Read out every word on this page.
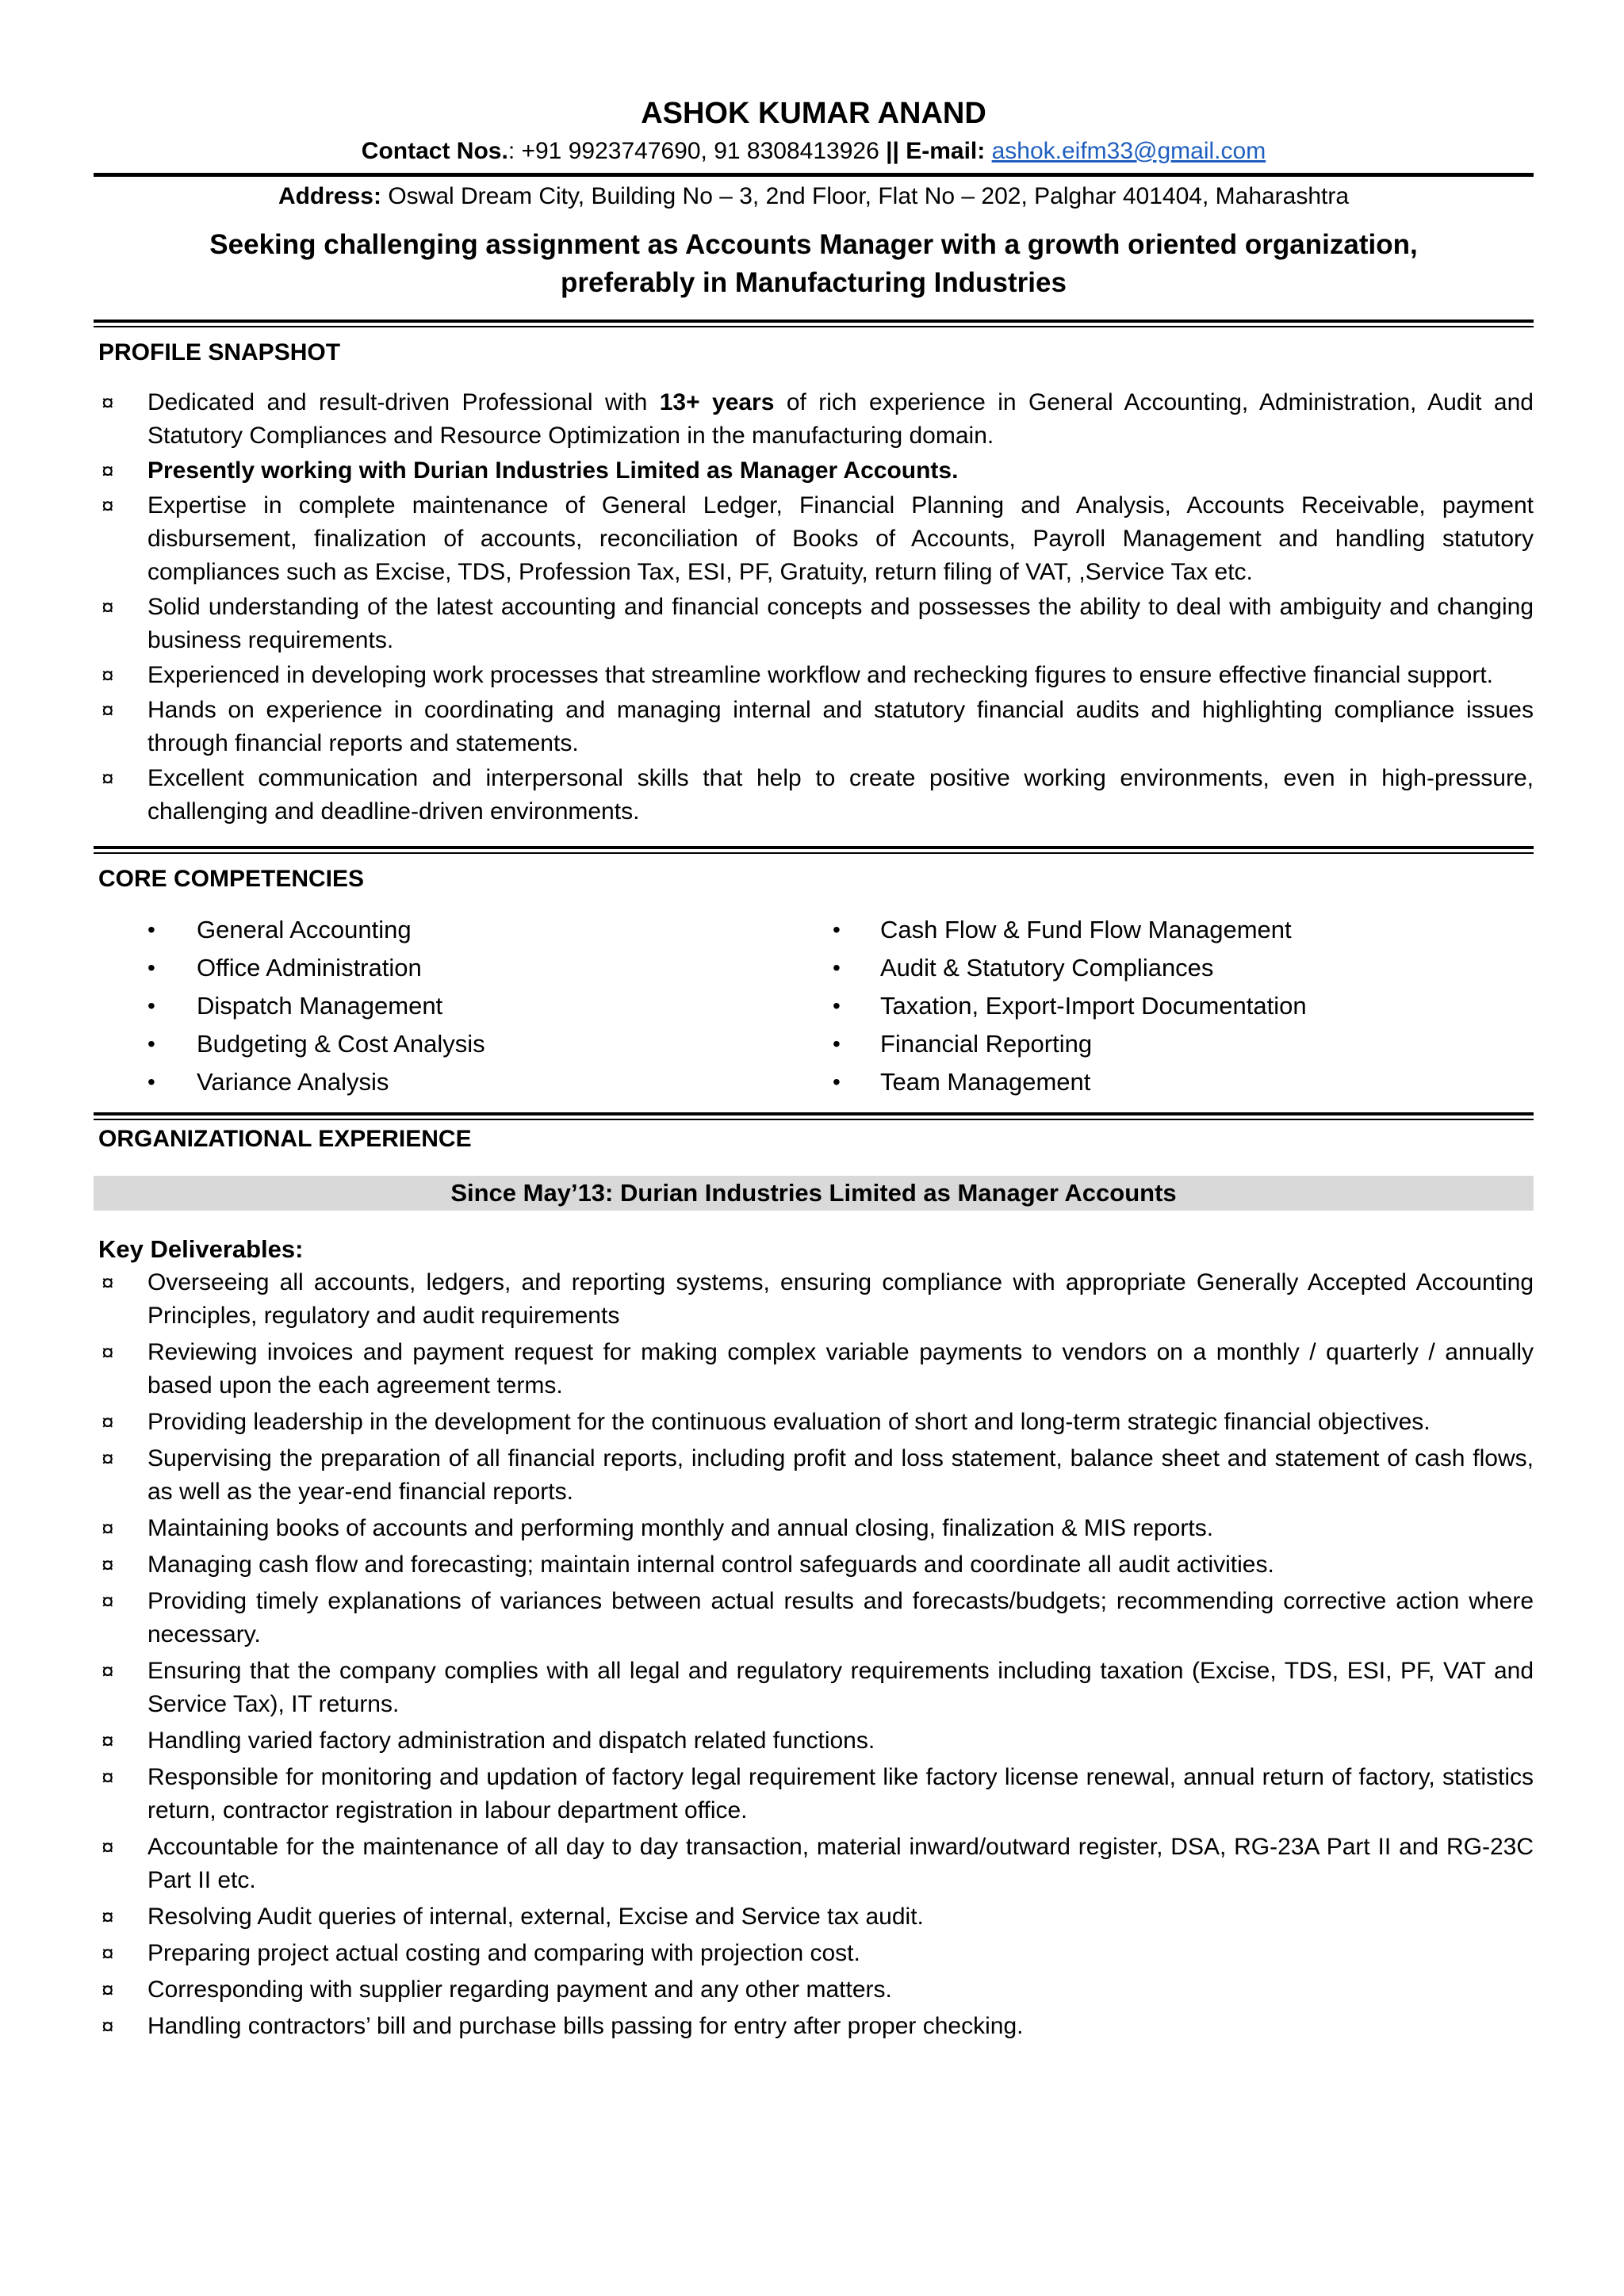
ASHOK KUMAR ANAND
Contact Nos.: +91 9923747690, 91 8308413926 || E-mail: ashok.eifm33@gmail.com
Address: Oswal Dream City, Building No – 3, 2nd Floor, Flat No – 202, Palghar 401404, Maharashtra
Seeking challenging assignment as Accounts Manager with a growth oriented organization,
preferably in Manufacturing Industries
PROFILE SNAPSHOT
¤ Dedicated and result-driven Professional with 13+ years of rich experience in General Accounting, Administration, Audit and Statutory Compliances and Resource Optimization in the manufacturing domain.
¤ Presently working with Durian Industries Limited as Manager Accounts.
¤ Expertise in complete maintenance of General Ledger, Financial Planning and Analysis, Accounts Receivable, payment disbursement, finalization of accounts, reconciliation of Books of Accounts, Payroll Management and handling statutory compliances such as Excise, TDS, Profession Tax, ESI, PF, Gratuity, return filing of VAT, ,Service Tax etc.
¤ Solid understanding of the latest accounting and financial concepts and possesses the ability to deal with ambiguity and changing business requirements.
¤ Experienced in developing work processes that streamline workflow and rechecking figures to ensure effective financial support.
¤ Hands on experience in coordinating and managing internal and statutory financial audits and highlighting compliance issues through financial reports and statements.
¤ Excellent communication and interpersonal skills that help to create positive working environments, even in high-pressure, challenging and deadline-driven environments.
CORE COMPETENCIES
• General Accounting
• Office Administration
• Dispatch Management
• Budgeting & Cost Analysis
• Variance Analysis
• Cash Flow & Fund Flow Management
• Audit & Statutory Compliances
• Taxation, Export-Import Documentation
• Financial Reporting
• Team Management
ORGANIZATIONAL EXPERIENCE
Since May’13: Durian Industries Limited as Manager Accounts
Key Deliverables:
¤ Overseeing all accounts, ledgers, and reporting systems, ensuring compliance with appropriate Generally Accepted Accounting Principles, regulatory and audit requirements
¤ Reviewing invoices and payment request for making complex variable payments to vendors on a monthly / quarterly / annually based upon the each agreement terms.
¤ Providing leadership in the development for the continuous evaluation of short and long-term strategic financial objectives.
¤ Supervising the preparation of all financial reports, including profit and loss statement, balance sheet and statement of cash flows, as well as the year-end financial reports.
¤ Maintaining books of accounts and performing monthly and annual closing, finalization & MIS reports.
¤ Managing cash flow and forecasting; maintain internal control safeguards and coordinate all audit activities.
¤ Providing timely explanations of variances between actual results and forecasts/budgets; recommending corrective action where necessary.
¤ Ensuring that the company complies with all legal and regulatory requirements including taxation (Excise, TDS, ESI, PF, VAT and Service Tax), IT returns.
¤ Handling varied factory administration and dispatch related functions.
¤ Responsible for monitoring and updation of factory legal requirement like factory license renewal, annual return of factory, statistics return, contractor registration in labour department office.
¤ Accountable for the maintenance of all day to day transaction, material inward/outward register, DSA, RG-23A Part II and RG-23C Part II etc.
¤ Resolving Audit queries of internal, external, Excise and Service tax audit.
¤ Preparing project actual costing and comparing with projection cost.
¤ Corresponding with supplier regarding payment and any other matters.
¤ Handling contractors’ bill and purchase bills passing for entry after proper checking.
